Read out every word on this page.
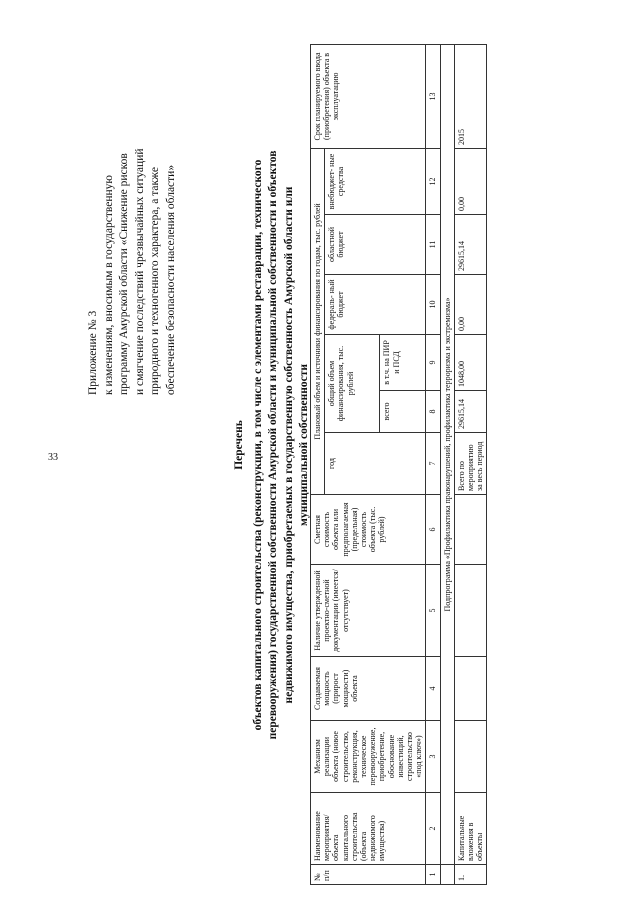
33
Приложение № 3 к изменениям, вносимым в государственную программу Амурской области «Снижение рисков и смягчение последствий чрезвычайных ситуаций природного и техногенного характера, а также обеспечение безопасности населения области»
Перечень объектов капитального строительства (реконструкции, в том числе с элементами реставрации, технического перевооружения) государственной собственности Амурской области и муниципальной собственности и объектов недвижимого имущества, приобретаемых в государственную собственность Амурской области или муниципальной собственности
№ п/п	Наименование мероприятия/ объекта капитального строительства (объекта недвижимого имущества)	Механизм реализации объекта (новое строительство, реконструкция, техническое перевооружение, приобретение, обоснование инвестиций, строительство «под ключ»)	Создаваемая мощность (прирост мощности) объекта	Наличие утвержденной проектно-сметной документации (имеется/ отсутствует)	Сметная стоимость объекта или предполагаемая (предельная) стоимость объекта (тыс. рублей)	Плановый объем и источники финансирования по годам, тыс. рублей						Срок планируемого ввода (приобретения) объекта в эксплуатацию
						год	общий объем финансирования, тыс. рублей		федераль- ный бюджет	областной бюджет	внебюджет- ные средства	
							всего	в т.ч. на ПИР и ПСД				

1	2	3	4	5	6	7	8	9	10	11	12	13
	Подпрограмма «Профилактика правонарушений, профилактика терроризма и экстремизма»											
1.	Капитальные вложения в объекты					Всего по мероприятию за весь период	29615,14	1048,00	0,00	29615,14	0,00	2015
